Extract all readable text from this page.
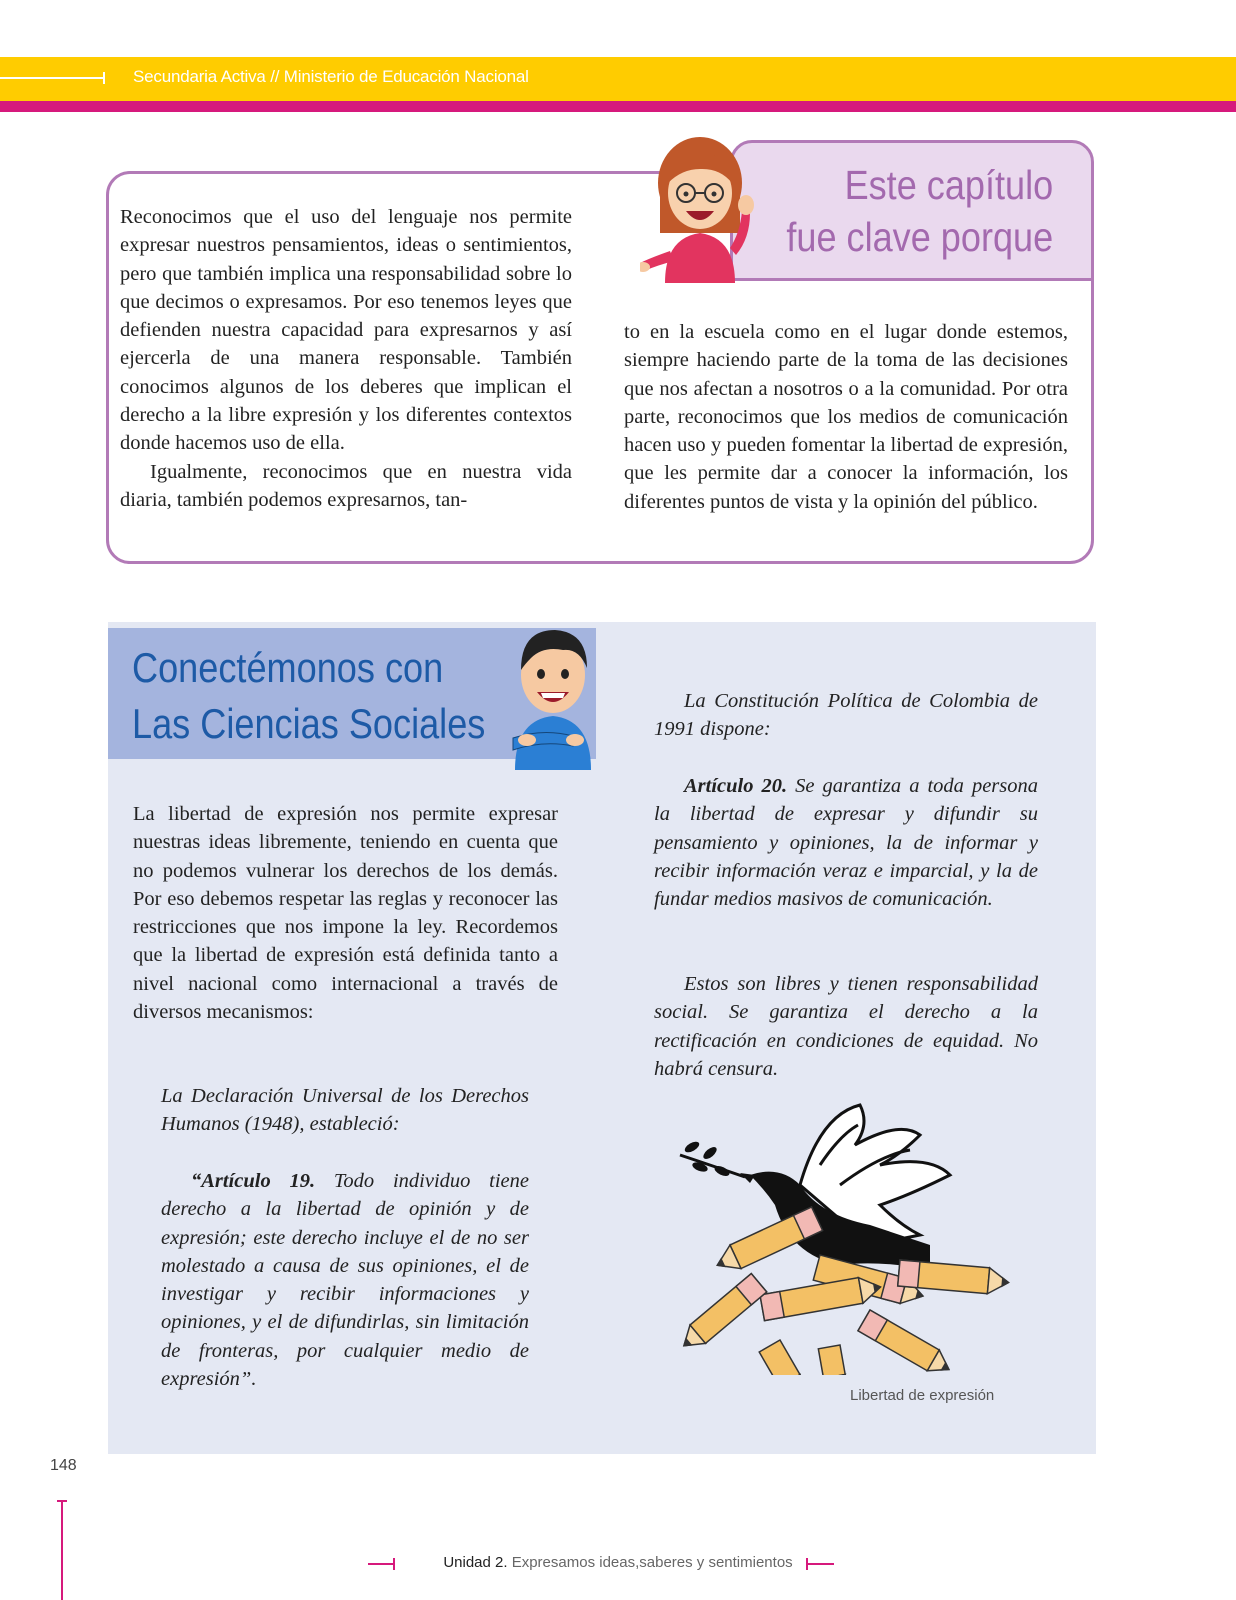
Secundaria Activa // Ministerio de Educación Nacional
Este capítulo
fue clave porque

Reconocimos que el uso del lenguaje nos permite expresar nuestros pensamientos, ideas o sentimientos, pero que también implica una responsabilidad sobre lo que decimos o expresamos. Por eso tenemos leyes que defienden nuestra capacidad para expresarnos y así ejercerla de una manera responsable. También conocimos algunos de los deberes que implican el derecho a la libre expresión y los diferentes contextos donde hacemos uso de ella.

Igualmente, reconocimos que en nuestra vida diaria, también podemos expresarnos, tan-

to en la escuela como en el lugar donde estemos, siempre haciendo parte de la toma de las decisiones que nos afectan a nosotros o a la comunidad. Por otra parte, reconocimos que los medios de comunicación hacen uso y pueden fomentar la libertad de expresión, que les permite dar a conocer la información, los diferentes puntos de vista y la opinión del público.

Conectémonos con
Las Ciencias Sociales

La libertad de expresión nos permite expresar nuestras ideas libremente, teniendo en cuenta que no podemos vulnerar los derechos de los demás. Por eso debemos respetar las reglas y reconocer las restricciones que nos impone la ley. Recordemos que la libertad de expresión está definida tanto a nivel nacional como internacional a través de diversos mecanismos:

La Declaración Universal de los Derechos Humanos (1948), estableció:

“Artículo 19. Todo individuo tiene derecho a la libertad de opinión y de expresión; este derecho incluye el de no ser molestado a causa de sus opiniones, el de investigar y recibir informaciones y opiniones, y el de difundirlas, sin limitación de fronteras, por cualquier medio de expresión”.

La Constitución Política de Colombia de 1991 dispone:

Artículo 20. Se garantiza a toda persona la libertad de expresar y difundir su pensamiento y opiniones, la de informar y recibir información veraz e imparcial, y la de fundar medios masivos de comunicación.

Estos son libres y tienen responsabilidad social. Se garantiza el derecho a la rectificación en condiciones de equidad. No habrá censura.

Libertad de expresión
148
Unidad 2. Expresamos ideas,saberes y sentimientos
